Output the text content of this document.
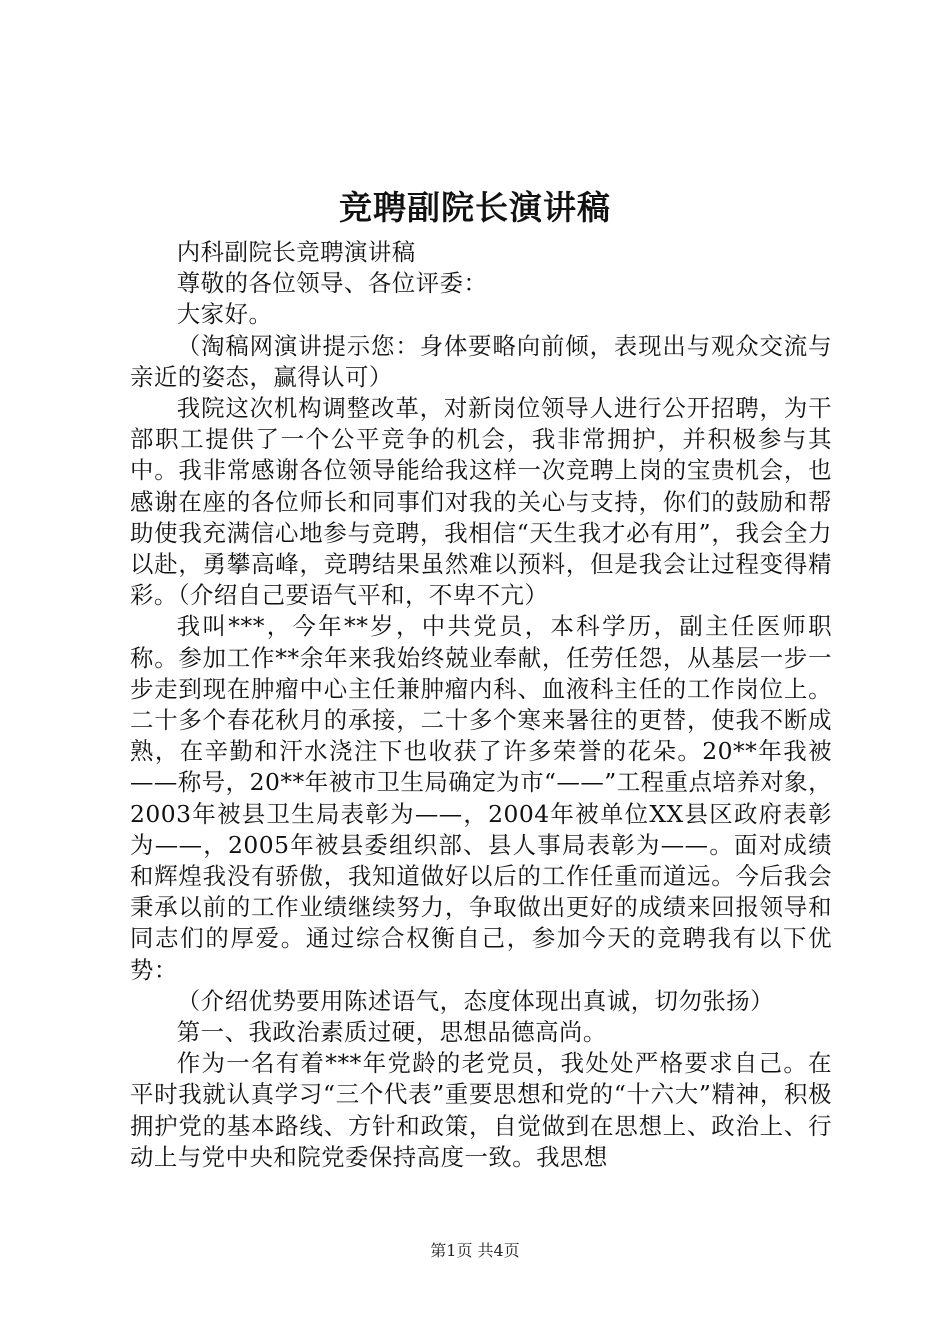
竞聘副院长演讲稿

内科副院长竞聘演讲稿

尊敬的各位领导、各位评委：

大家好。

（淘稿网演讲提示您：身体要略向前倾，表现出与观众交流与亲近的姿态，赢得认可）

我院这次机构调整改革，对新岗位领导人进行公开招聘，为干部职工提供了一个公平竞争的机会，我非常拥护，并积极参与其中。我非常感谢各位领导能给我这样一次竞聘上岗的宝贵机会，也感谢在座的各位师长和同事们对我的关心与支持，你们的鼓励和帮助使我充满信心地参与竞聘，我相信“天生我才必有用”，我会全力以赴，勇攀高峰，竞聘结果虽然难以预料，但是我会让过程变得精彩。（介绍自己要语气平和，不卑不亢）

我叫***，今年**岁，中共党员，本科学历，副主任医师职称。参加工作**余年来我始终兢业奉献，任劳任怨，从基层一步一步走到现在肿瘤中心主任兼肿瘤内科、血液科主任的工作岗位上。二十多个春花秋月的承接，二十多个寒来暑往的更替，使我不断成熟，在辛勤和汗水浇注下也收获了许多荣誉的花朵。20**年我被——称号，20**年被市卫生局确定为市“——”工程重点培养对象，2003年被县卫生局表彰为——，2004年被单位XX县区政府表彰为——，2005年被县委组织部、县人事局表彰为——。面对成绩和辉煌我没有骄傲，我知道做好以后的工作任重而道远。今后我会秉承以前的工作业绩继续努力，争取做出更好的成绩来回报领导和同志们的厚爱。通过综合权衡自己，参加今天的竞聘我有以下优势：

（介绍优势要用陈述语气，态度体现出真诚，切勿张扬）

第一、我政治素质过硬，思想品德高尚。

作为一名有着***年党龄的老党员，我处处严格要求自己。在平时我就认真学习“三个代表”重要思想和党的“十六大”精神，积极拥护党的基本路线、方针和政策，自觉做到在思想上、政治上、行动上与党中央和院党委保持高度一致。我思想

第1页 共4页
